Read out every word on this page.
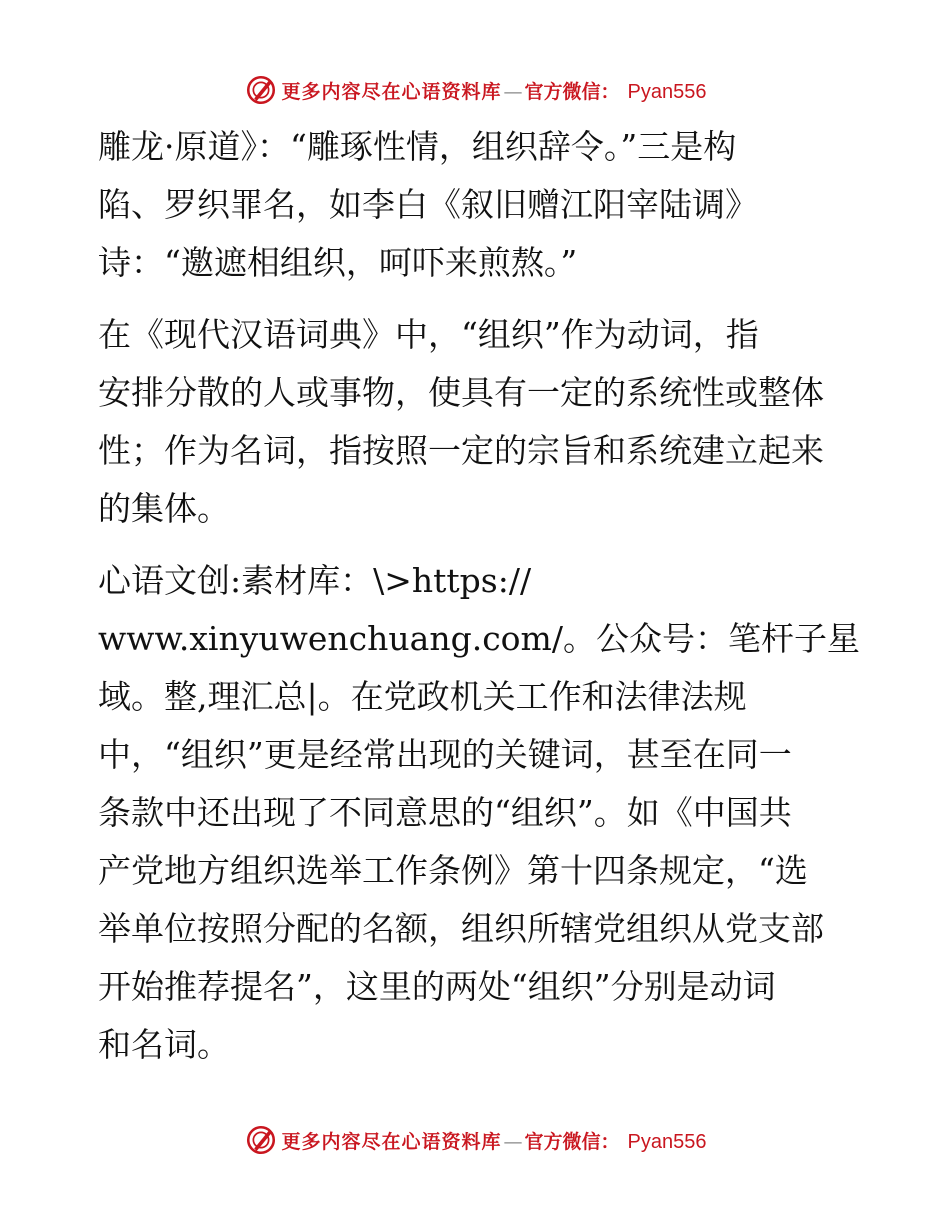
更多内容尽在心语资料库 — 官方微信： Pyan556
雕龙·原道》：“雕琢性情，组织辞令。”三是构
陷、罗织罪名，如李白《叙旧赠江阳宰陆调》
诗：“邀遮相组织，呵吓来煎熬。”
在《现代汉语词典》中，“组织”作为动词，指
安排分散的人或事物，使具有一定的系统性或整体
性；作为名词，指按照一定的宗旨和系统建立起来
的集体。
心语文创:素材库：\>https://
www.xinyuwenchuang.com/。公众号：笔杆子星
域。整,理汇总|。在党政机关工作和法律法规
中，“组织”更是经常出现的关键词，甚至在同一
条款中还出现了不同意思的“组织”。如《中国共
产党地方组织选举工作条例》第十四条规定，“选
举单位按照分配的名额，组织所辖党组织从党支部
开始推荐提名”，这里的两处“组织”分别是动词
和名词。
更多内容尽在心语资料库 — 官方微信： Pyan556
